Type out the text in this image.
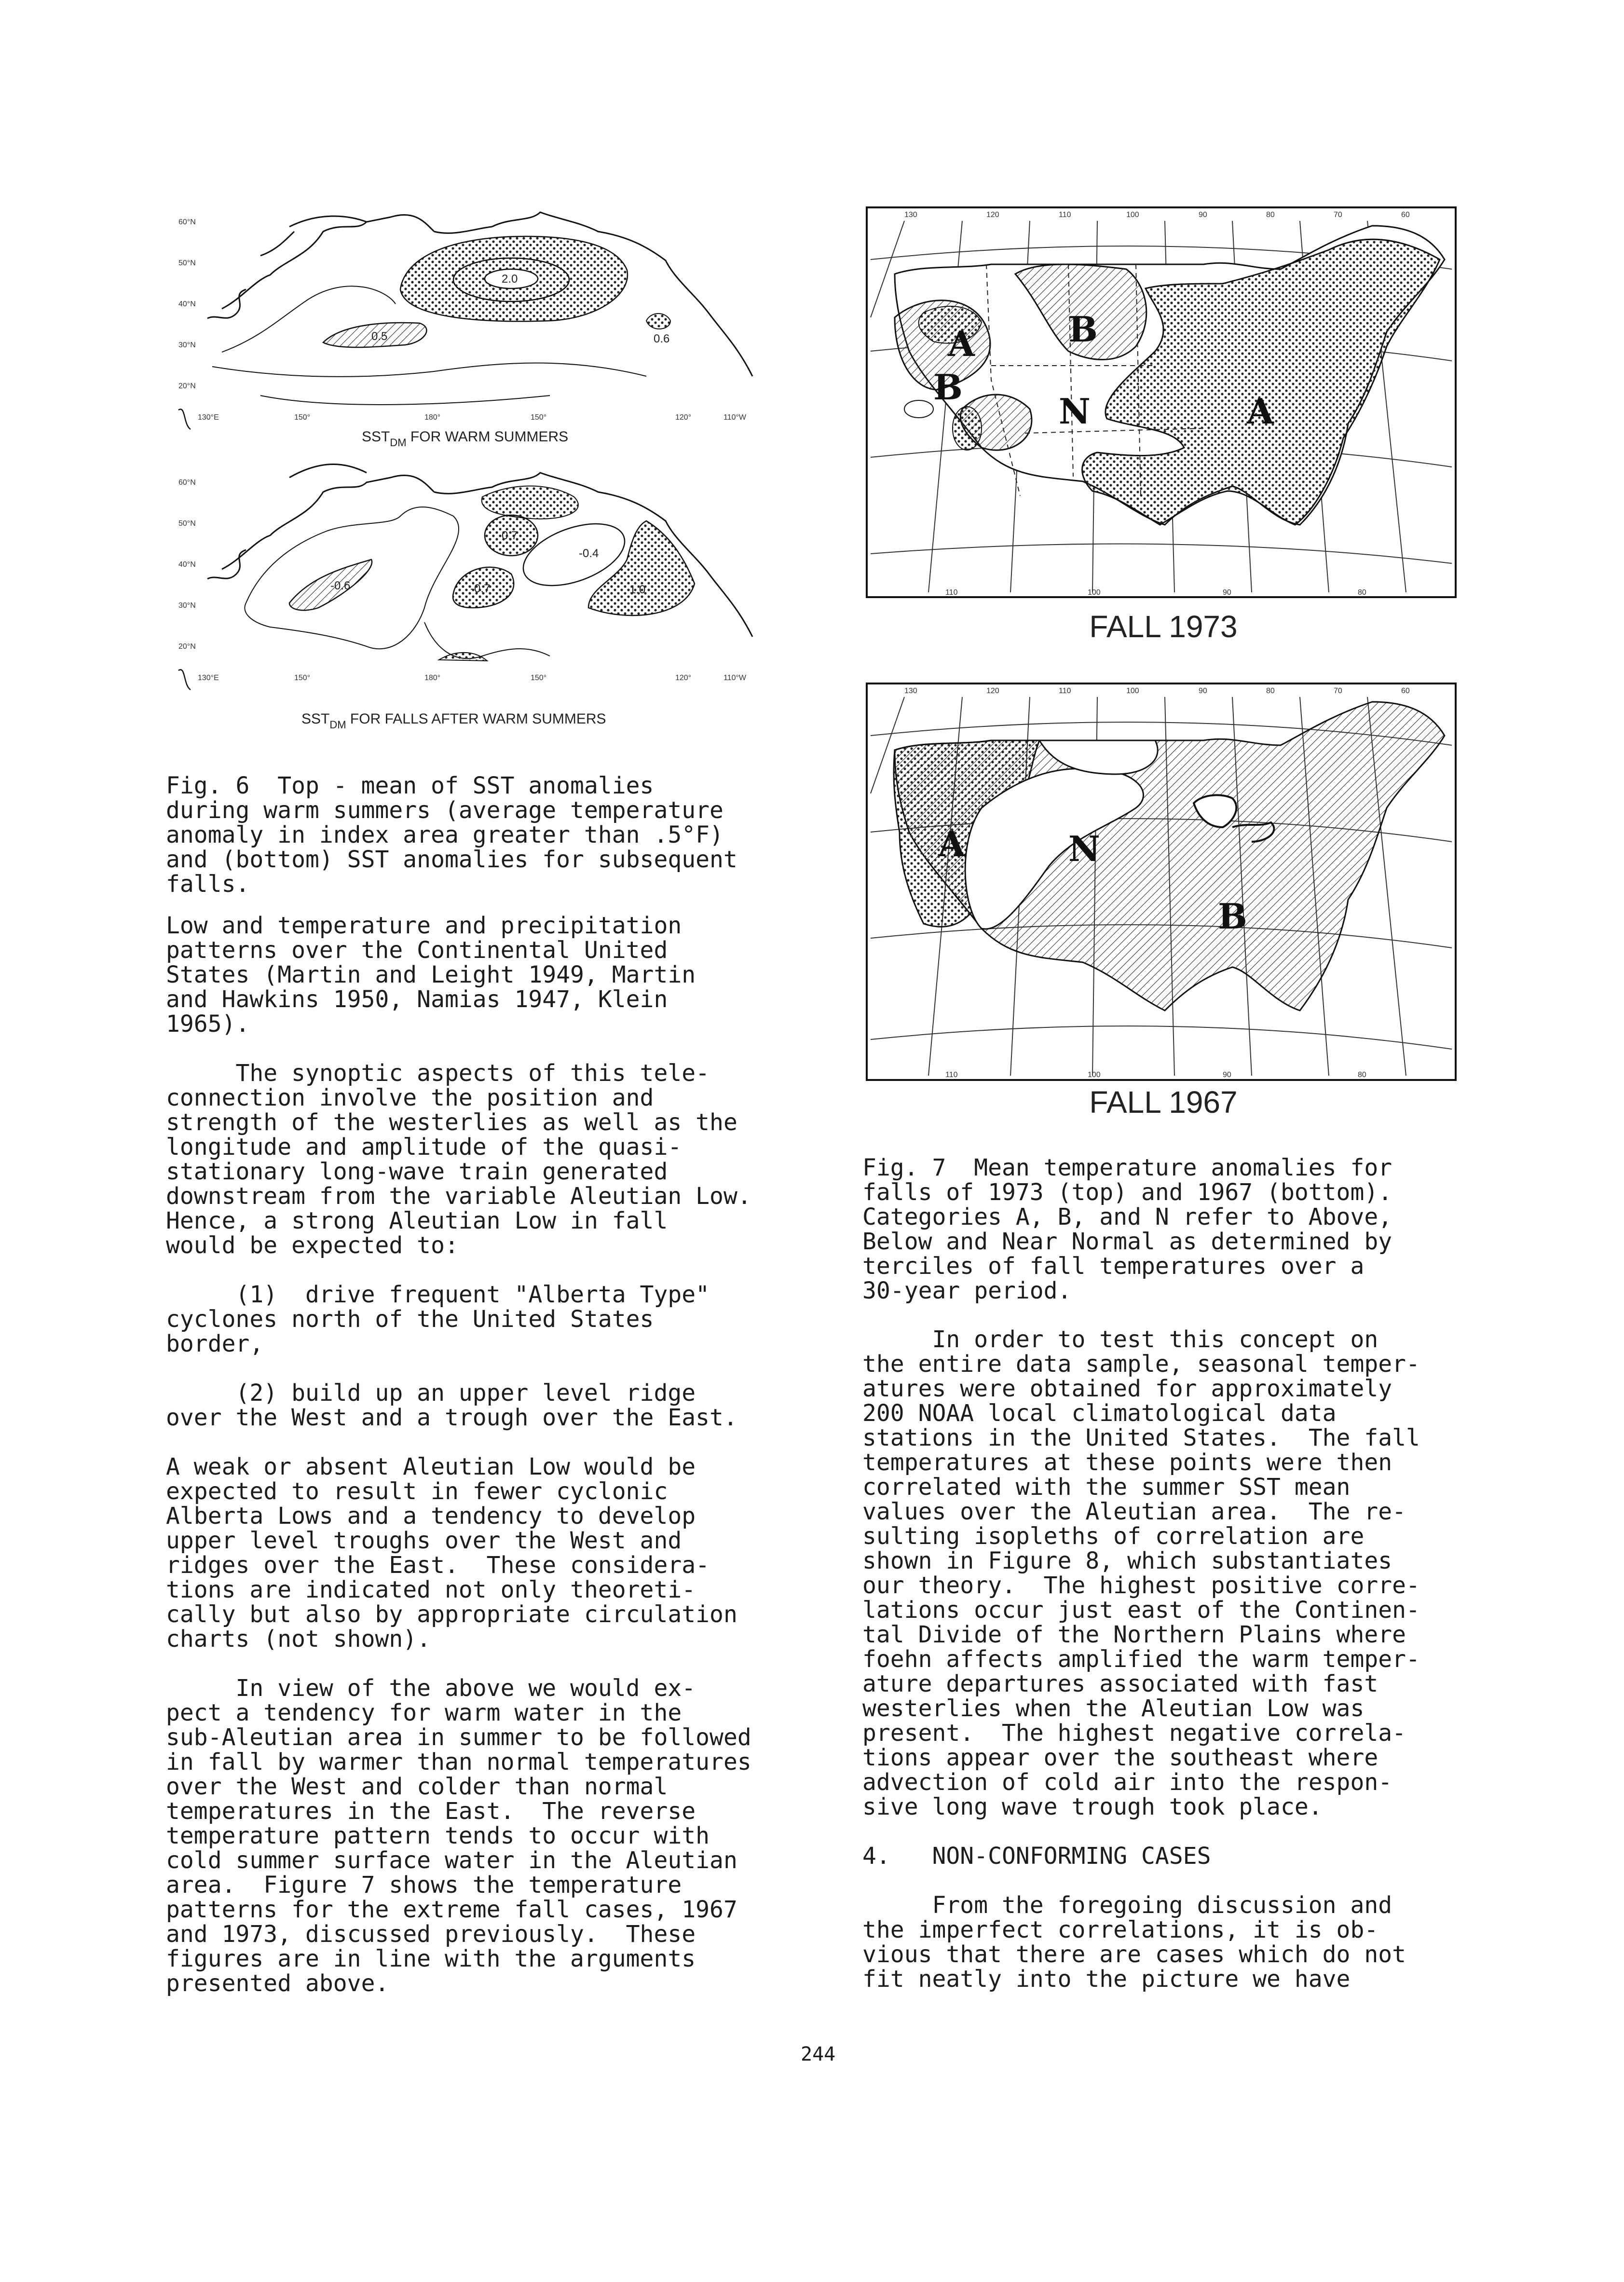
60°N
50°N
40°N
30°N
20°N
2.0
0.5	0.6
130°E	150°	180°	150°	120°	110°W
$SST_{DM}$ FOR WARM SUMMERS
60°N
50°N
40°N
30°N
20°N
1.0
0.7
-0.7
-0.4
-0.6
130°E	150°	180°	150°	120°	110°W
$SST_{DM}$ FOR FALLS AFTER WARM SUMMERS

Fig. 6  Top - mean of SST anomalies
during warm summers (average temperature
anomaly in index area greater than .5°F)
and (bottom) SST anomalies for subsequent
falls.

Low and temperature and precipitation
patterns over the Continental United
States (Martin and Leight 1949, Martin
and Hawkins 1950, Namias 1947, Klein
1965).

The synoptic aspects of this tele-
connection involve the position and
strength of the westerlies as well as the
longitude and amplitude of the quasi-
stationary long-wave train generated
downstream from the variable Aleutian Low.
Hence, a strong Aleutian Low in fall
would be expected to:

(1)  drive frequent "Alberta Type"
cyclones north of the United States
border,

(2) build up an upper level ridge
over the West and a trough over the East.

A weak or absent Aleutian Low would be
expected to result in fewer cyclonic
Alberta Lows and a tendency to develop
upper level troughs over the West and
ridges over the East.  These considera-
tions are indicated not only theoreti-
cally but also by appropriate circulation
charts (not shown).

In view of the above we would ex-
pect a tendency for warm water in the
sub-Aleutian area in summer to be followed
in fall by warmer than normal temperatures
over the West and colder than normal
temperatures in the East.  The reverse
temperature pattern tends to occur with
cold summer surface water in the Aleutian
area.  Figure 7 shows the temperature
patterns for the extreme fall cases, 1967
and 1973, discussed previously.  These
figures are in line with the arguments
presented above.

130	120	110	100	90	80	70	60
A	B
B
N	A
110	100	90	80
FALL 1973
130	120	110	100	90	80	70	60
A	N
B
110	100	90	80
FALL 1967

Fig. 7  Mean temperature anomalies for
falls of 1973 (top) and 1967 (bottom).
Categories A, B, and N refer to Above,
Below and Near Normal as determined by
terciles of fall temperatures over a
30-year period.

In order to test this concept on
the entire data sample, seasonal temper-
atures were obtained for approximately
200 NOAA local climatological data
stations in the United States.  The fall
temperatures at these points were then
correlated with the summer SST mean
values over the Aleutian area.  The re-
sulting isopleths of correlation are
shown in Figure 8, which substantiates
our theory.  The highest positive corre-
lations occur just east of the Continen-
tal Divide of the Northern Plains where
foehn affects amplified the warm temper-
ature departures associated with fast
westerlies when the Aleutian Low was
present.  The highest negative correla-
tions appear over the southeast where
advection of cold air into the respon-
sive long wave trough took place.

4.   NON-CONFORMING CASES

From the foregoing discussion and
the imperfect correlations, it is ob-
vious that there are cases which do not
fit neatly into the picture we have

244
